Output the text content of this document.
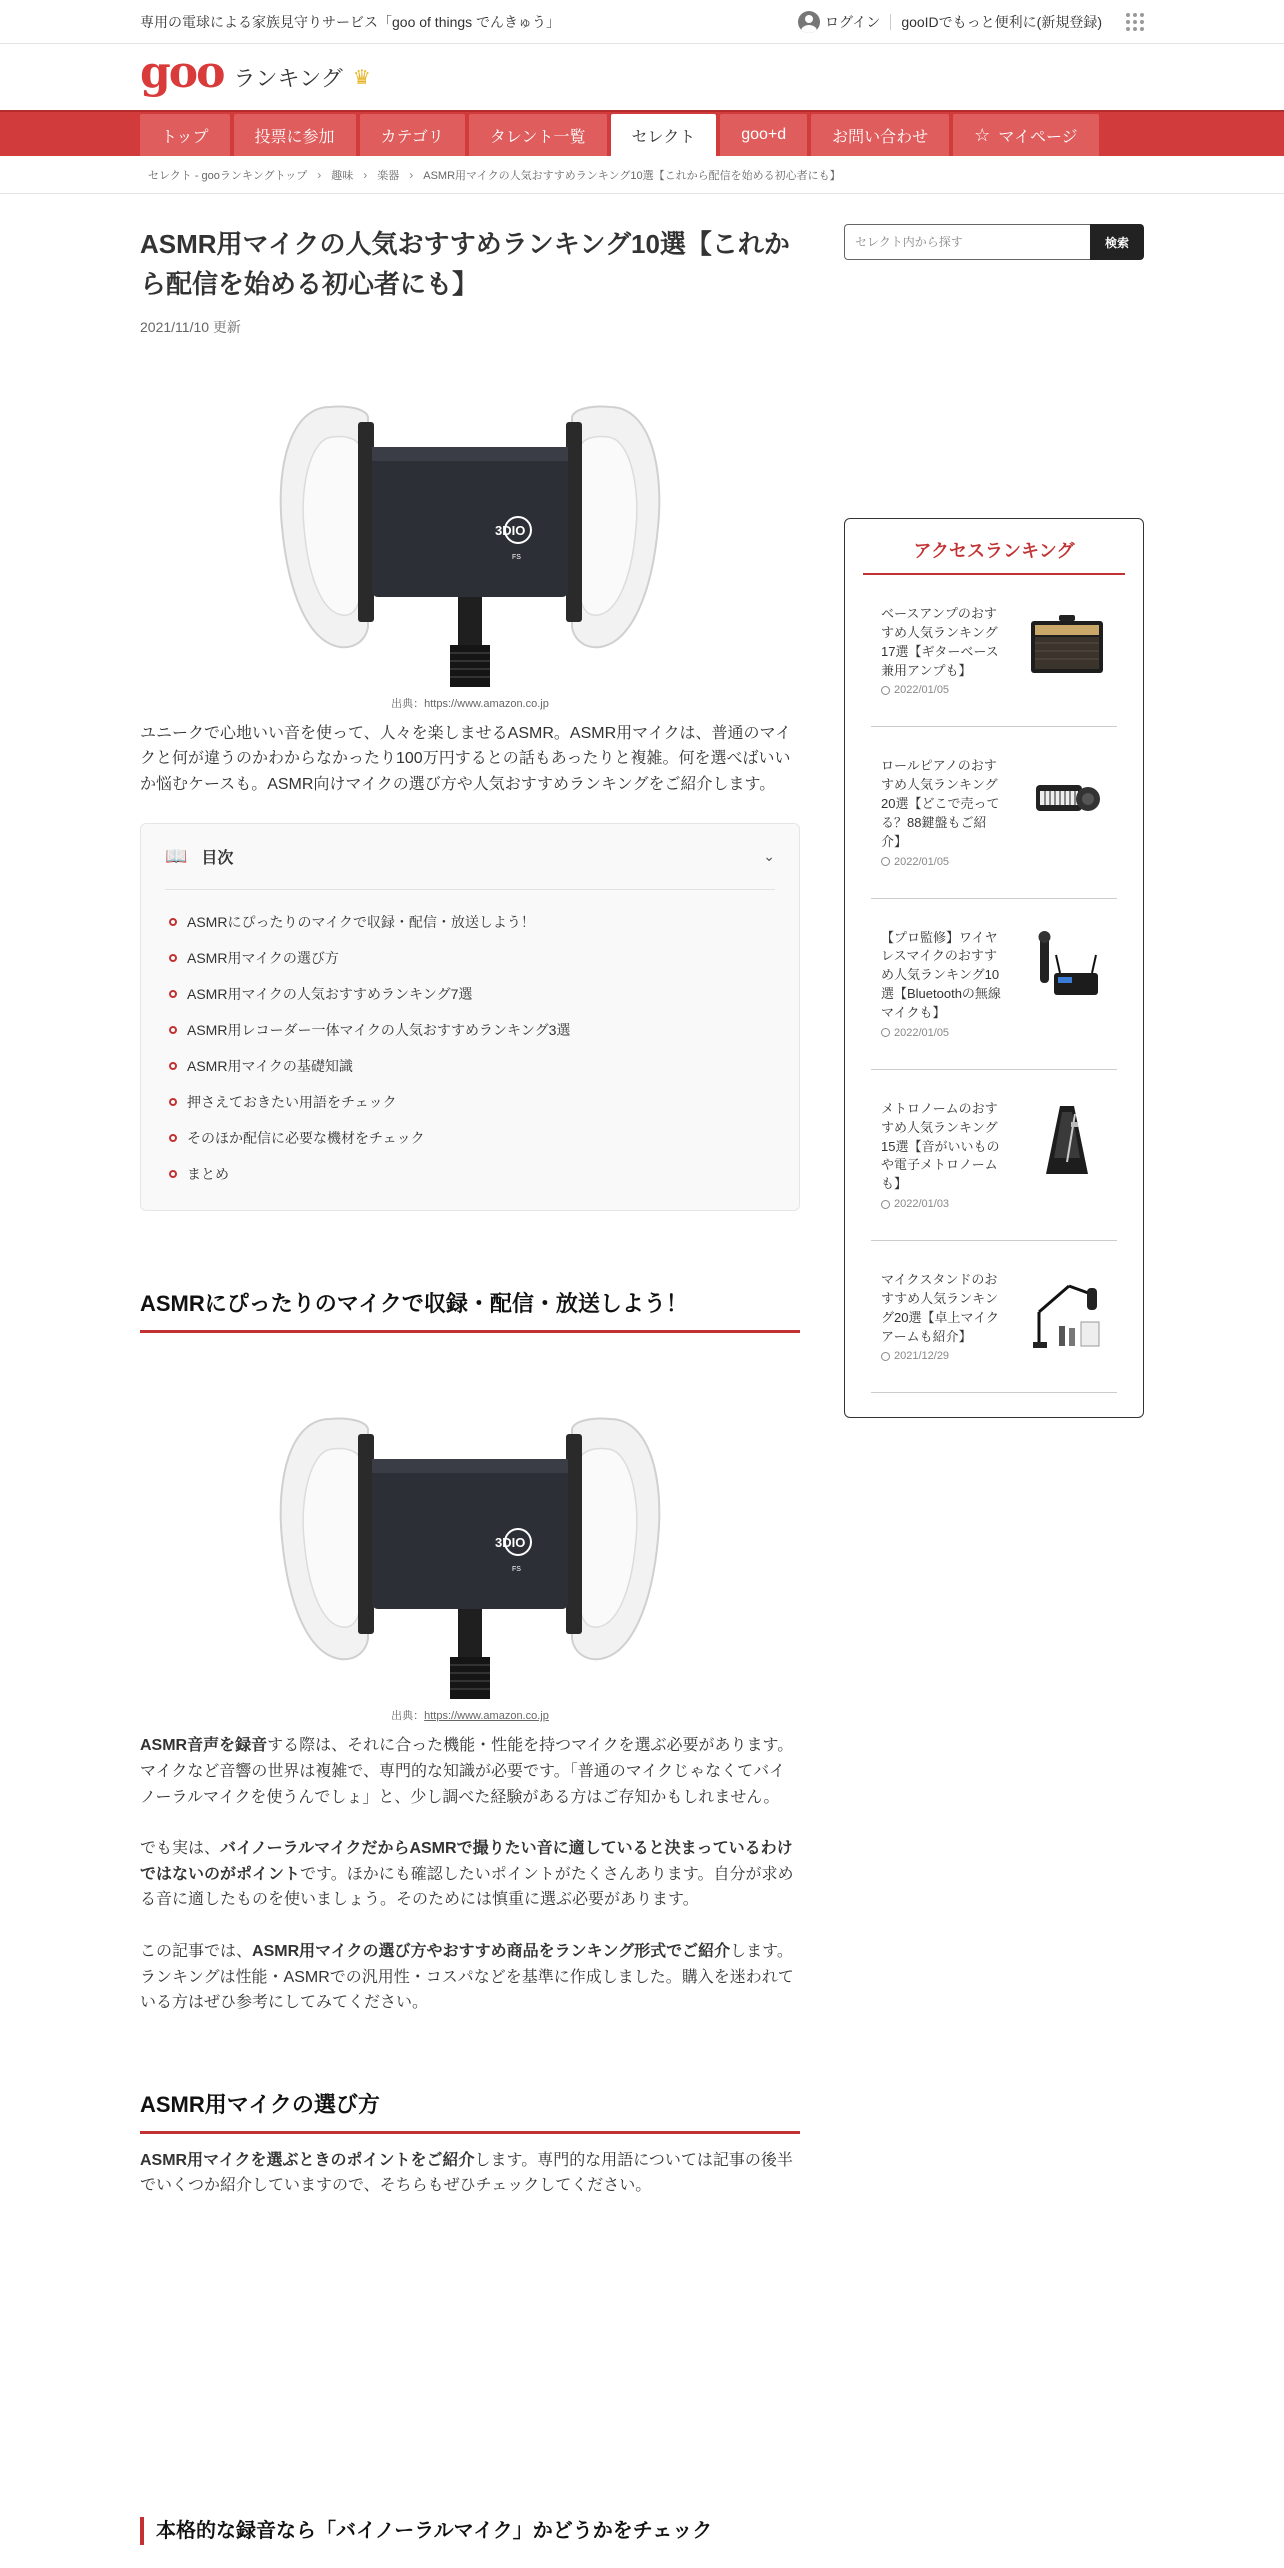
専用の電球による家族見守りサービス「goo of things でんきゅう」	ログイン gooIDでもっと便利に(新規登録)
goo ランキング ♛
トップ	投票に参加	カテゴリ	タレント一覧	セレクト	goo+d	お問い合わせ	☆ マイページ
セレクト - gooランキングトップ › 趣味 › 楽器 › ASMR用マイクの人気おすすめランキング10選【これから配信を始める初心者にも】
ASMR用マイクの人気おすすめランキング10選【これから配信を始める初心者にも】
2021/11/10 更新
3DIO
FS
出典：https://www.amazon.co.jp

ユニークで心地いい音を使って、人々を楽しませるASMR。ASMR用マイクは、普通のマイクと何が違うのかわからなかったり100万円するとの話もあったりと複雑。何を選べばいいか悩むケースも。ASMR向けマイクの選び方や人気おすすめランキングをご紹介します。

📖 目次	⌄
ASMRにぴったりのマイクで収録・配信・放送しよう！
ASMR用マイクの選び方
ASMR用マイクの人気おすすめランキング7選
ASMR用レコーダー一体マイクの人気おすすめランキング3選
ASMR用マイクの基礎知識
押さえておきたい用語をチェック
そのほか配信に必要な機材をチェック
まとめ
ASMRにぴったりのマイクで収録・配信・放送しよう！
3DIO
FS
出典：https://www.amazon.co.jp

ASMR音声を録音する際は、それに合った機能・性能を持つマイクを選ぶ必要があります。マイクなど音響の世界は複雑で、専門的な知識が必要です。「普通のマイクじゃなくてバイノーラルマイクを使うんでしょ」と、少し調べた経験がある方はご存知かもしれません。

でも実は、バイノーラルマイクだからASMRで撮りたい音に適していると決まっているわけではないのがポイントです。ほかにも確認したいポイントがたくさんあります。自分が求める音に適したものを使いましょう。そのためには慎重に選ぶ必要があります。

この記事では、ASMR用マイクの選び方やおすすめ商品をランキング形式でご紹介します。ランキングは性能・ASMRでの汎用性・コスパなどを基準に作成しました。購入を迷われている方はぜひ参考にしてみてください。

ASMR用マイクの選び方

ASMR用マイクを選ぶときのポイントをご紹介します。専門的な用語については記事の後半でいくつか紹介していますので、そちらもぜひチェックしてください。

本格的な録音なら「バイノーラルマイク」かどうかをチェック
セレクト内から探す
検索
アクセスランキング
ベースアンプのおすすめ人気ランキング17選【ギターベース兼用アンプも】
2022/01/05
ロールピアノのおすすめ人気ランキング20選【どこで売ってる？88鍵盤もご紹介】
2022/01/05
【プロ監修】ワイヤレスマイクのおすすめ人気ランキング10選【Bluetoothの無線マイクも】
2022/01/05
メトロノームのおすすめ人気ランキング15選【音がいいものや電子メトロノームも】
2022/01/03
マイクスタンドのおすすめ人気ランキング20選【卓上マイクアームも紹介】
2021/12/29
